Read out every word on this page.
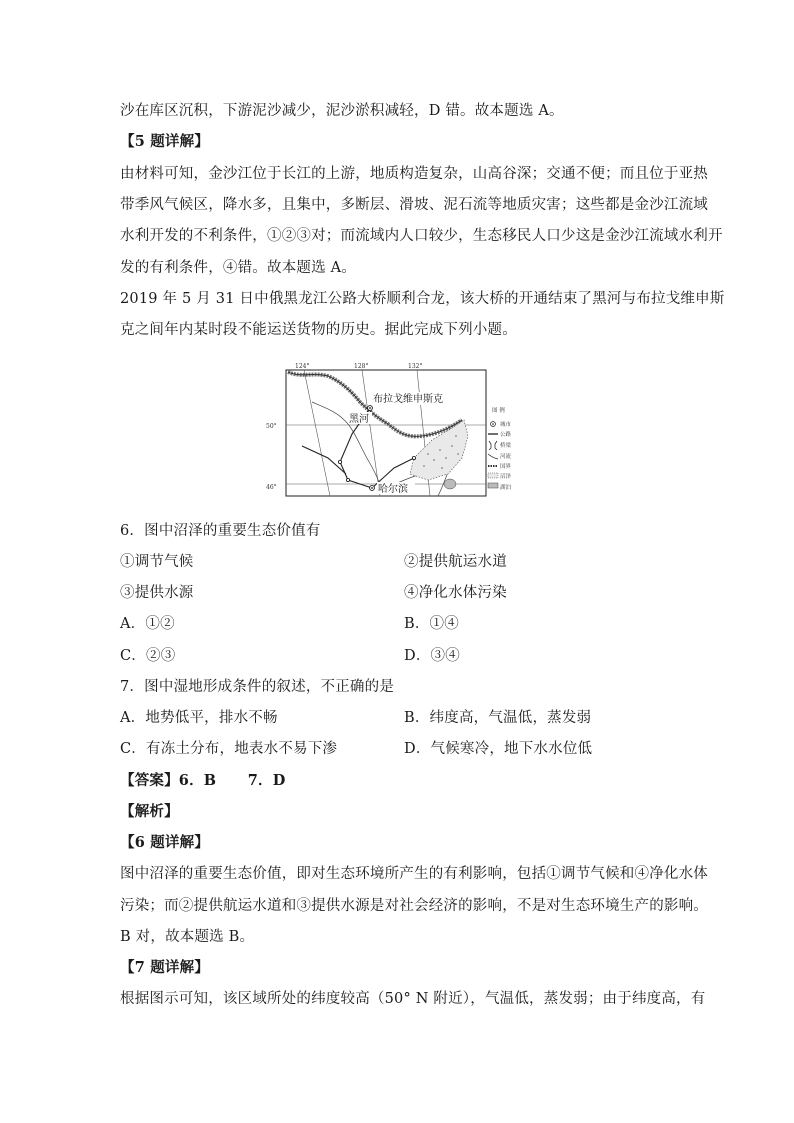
沙在库区沉积，下游泥沙减少，泥沙淤积减轻，D 错。故本题选 A。
【5 题详解】
由材料可知，金沙江位于长江的上游，地质构造复杂，山高谷深；交通不便；而且位于亚热
带季风气候区，降水多，且集中，多断层、滑坡、泥石流等地质灾害；这些都是金沙江流域
水利开发的不利条件，①②③对；而流域内人口较少，生态移民人口少这是金沙江流域水利开
发的有利条件，④错。故本题选 A。
2019 年 5 月 31 日中俄黑龙江公路大桥顺利合龙，该大桥的开通结束了黑河与布拉戈维申斯
克之间年内某时段不能运送货物的历史。据此完成下列小题。
124°	128°	132°
50°
46°
布拉戈维申斯克
黑河
哈尔滨
图 例
城市
公路
桥梁
河流
国界
沼泽
湖泊
6．图中沼泽的重要生态价值有
①调节气候	②提供航运水道
③提供水源	④净化水体污染
A．①②	B．①④
C．②③	D．③④
7．图中湿地形成条件的叙述，不正确的是
A．地势低平，排水不畅	B．纬度高，气温低，蒸发弱
C．有冻土分布，地表水不易下渗	D．气候寒冷，地下水水位低
【答案】6．B      7．D
【解析】
【6 题详解】
图中沼泽的重要生态价值，即对生态环境所产生的有利影响，包括①调节气候和④净化水体
污染；而②提供航运水道和③提供水源是对社会经济的影响，不是对生态环境生产的影响。
B 对，故本题选 B。
【7 题详解】
根据图示可知，该区域所处的纬度较高（50° N 附近），气温低，蒸发弱；由于纬度高，有
